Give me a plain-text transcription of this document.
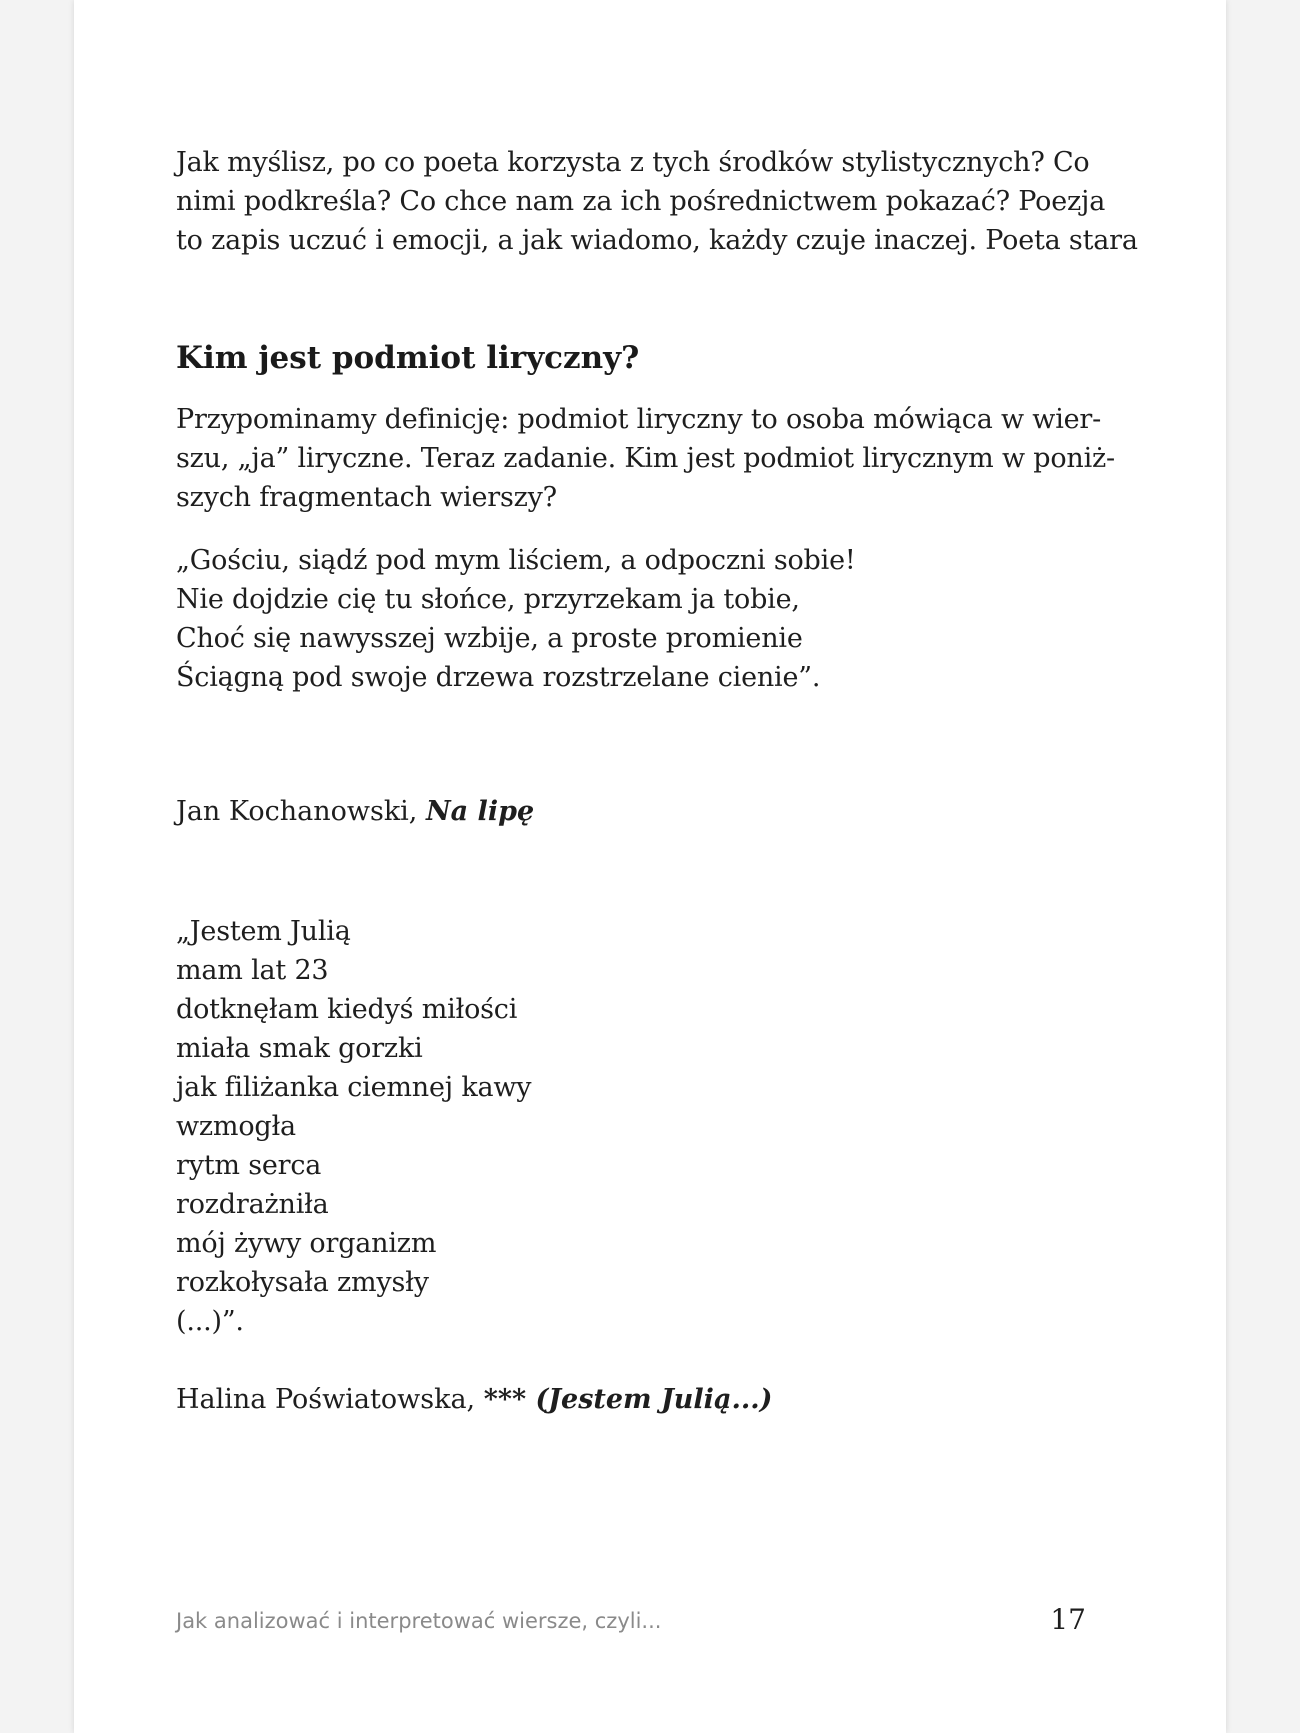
Jak myślisz, po co poeta korzysta z tych środków stylistycznych? Co
nimi podkreśla? Co chce nam za ich pośrednictwem pokazać? Poezja
to zapis uczuć i emocji, a jak wiadomo, każdy czuje inaczej. Poeta stara
Kim jest podmiot liryczny?
Przypominamy definicję: podmiot liryczny to osoba mówiąca w wier-
szu, „ja” liryczne. Teraz zadanie. Kim jest podmiot lirycznym w poniż-
szych fragmentach wierszy?
„Gościu, siądź pod mym liściem, a odpoczni sobie!
Nie dojdzie cię tu słońce, przyrzekam ja tobie,
Choć się nawysszej wzbije, a proste promienie
Ściągną pod swoje drzewa rozstrzelane cienie”.
Jan Kochanowski, Na lipę
„Jestem Julią
mam lat 23
dotknęłam kiedyś miłości
miała smak gorzki
jak filiżanka ciemnej kawy
wzmogła
rytm serca
rozdrażniła
mój żywy organizm
rozkołysała zmysły
(...)”.
Halina Poświatowska, *** (Jestem Julią...)
Jak analizować i interpretować wiersze, czyli...	17
